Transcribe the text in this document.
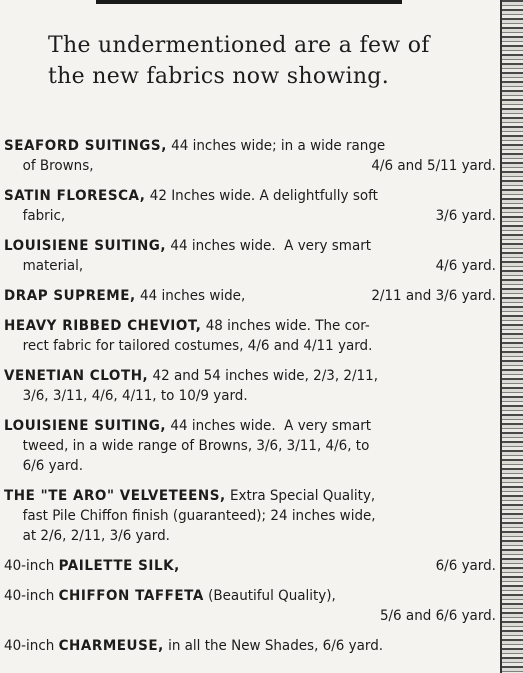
The undermentioned are a few of
the new fabrics now showing.
SEAFORD SUITINGS, 44 inches wide; in a wide range
of Browns,	4/6 and 5/11 yard.
SATIN FLORESCA, 42 Inches wide. A delightfully soft
fabric,	3/6 yard.
LOUISIENE SUITING, 44 inches wide.  A very smart
material,	4/6 yard.
DRAP SUPREME, 44 inches wide,	2/11 and 3/6 yard.
HEAVY RIBBED CHEVIOT, 48 inches wide. The cor-
rect fabric for tailored costumes, 4/6 and 4/11 yard.
VENETIAN CLOTH, 42 and 54 inches wide, 2/3, 2/11,
3/6, 3/11, 4/6, 4/11, to 10/9 yard.
LOUISIENE SUITING, 44 inches wide.  A very smart
tweed, in a wide range of Browns, 3/6, 3/11, 4/6, to
6/6 yard.
THE "TE ARO" VELVETEENS, Extra Special Quality,
fast Pile Chiffon finish (guaranteed); 24 inches wide,
at 2/6, 2/11, 3/6 yard.
40-inch PAILETTE SILK,	6/6 yard.
40-inch CHIFFON TAFFETA (Beautiful Quality),
5/6 and 6/6 yard.
40-inch CHARMEUSE, in all the New Shades, 6/6 yard.
